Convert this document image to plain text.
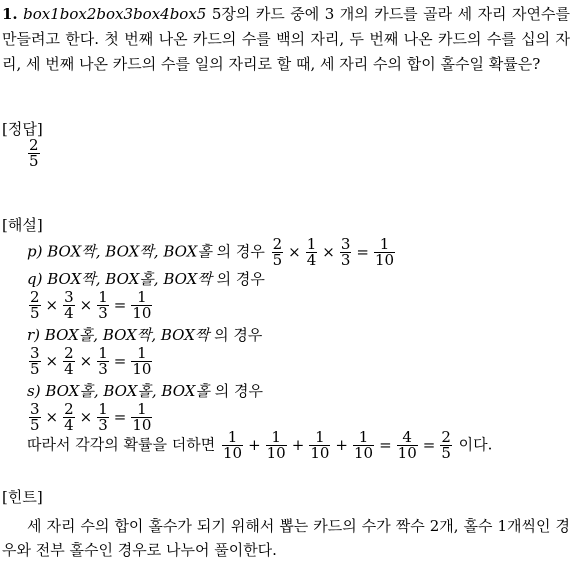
1. box1box2box3box4box5 5장의 카드 중에 3 개의 카드를 골라 세 자리 자연수를 만들려고 한다. 첫 번째 나온 카드의 수를 백의 자리, 두 번째 나온 카드의 수를 십의 자리, 세 번째 나온 카드의 수를 일의 자리로 할 때, 세 자리 수의 합이 홀수일 확률은?
[정답]
$\frac{2}{5}$
[해설]
p) BOX짝, BOX짝, BOX홀 의 경우 $\frac{2}{5} \times \frac{1}{4} \times \frac{3}{3} = \frac{1}{10}$
q) BOX짝, BOX홀, BOX짝 의 경우
$\frac{2}{5} \times \frac{3}{4} \times \frac{1}{3} = \frac{1}{10}$
r) BOX홀, BOX짝, BOX짝 의 경우
$\frac{3}{5} \times \frac{2}{4} \times \frac{1}{3} = \frac{1}{10}$
s) BOX홀, BOX홀, BOX홀 의 경우
$\frac{3}{5} \times \frac{2}{4} \times \frac{1}{3} = \frac{1}{10}$
따라서 각각의 확률을 더하면 $\frac{1}{10} + \frac{1}{10} + \frac{1}{10} + \frac{1}{10} = \frac{4}{10} = \frac{2}{5}$ 이다.
[힌트]
세 자리 수의 합이 홀수가 되기 위해서 뽑는 카드의 수가 짝수 2개, 홀수 1개씩인 경우와 전부 홀수인 경우로 나누어 풀이한다.
